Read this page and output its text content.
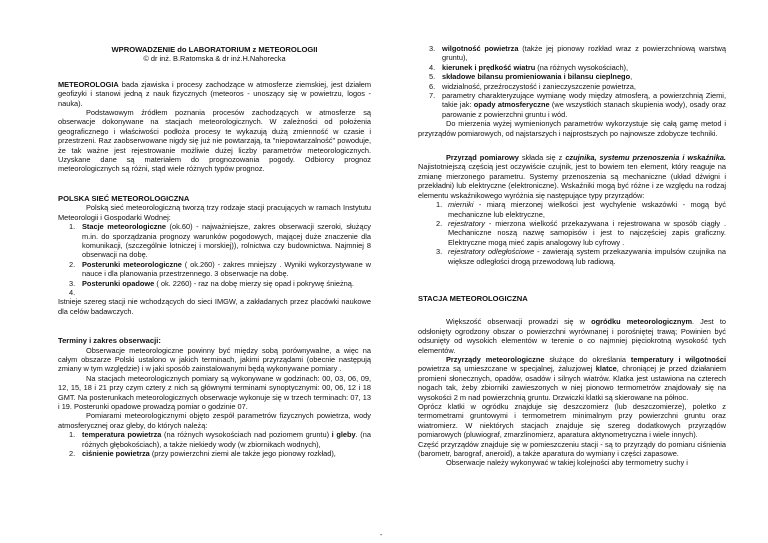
WPROWADZENIE do LABORATORIUM z METEOROLOGII

© dr inż. B.Ratomska & dr inż.H.Nahorecka

METEOROLOGIA bada zjawiska i procesy zachodzące w atmosferze ziemskiej, jest działem geofizyki i stanowi jedną z nauk fizycznych (meteoros - unoszący się w powietrzu, logos - nauka).

Podstawowym źródłem poznania procesów zachodzących w atmosferze są obserwacje dokonywane na stacjach meteorologicznych. W zależności od położenia geograficznego i właściwości podłoża procesy te wykazują dużą zmienność w czasie i przestrzeni. Raz zaobserwowane nigdy się już nie powtarzają, ta "niepowtarzalność" powoduje, że tak ważne jest rejestrowanie możliwie dużej liczby parametrów meteorologicznych. Uzyskane dane są materiałem do prognozowania pogody. Odbiorcy prognoz meteorologicznych są różni, stąd wiele różnych typów prognoz.

POLSKA SIEĆ METEOROLOGICZNA

Polską sieć meteorologiczną tworzą trzy rodzaje stacji pracujących w ramach Instytutu Meteorologii i Gospodarki Wodnej:

1. Stacje meteorologiczne (ok.60) - najważniejsze, zakres obserwacji szeroki, służący m.in. do sporządzania prognozy warunków pogodowych, mającej duże znaczenie dla komunikacji, (szczególnie lotniczej i morskiej)), rolnictwa czy budownictwa. Najmniej 8 obserwacji na dobę.
2. Posterunki meteorologiczne ( ok.260) - zakres mniejszy . Wyniki wykorzystywane w nauce i dla planowania przestrzennego. 3 obserwacje na dobę.
3. Posterunki opadowe ( ok. 2260) - raz na dobę mierzy się opad i pokrywę śnieżną.
4.

Istnieje szereg stacji nie wchodzących do sieci IMGW, a zakładanych przez placówki naukowe dla celów badawczych.

Terminy i zakres obserwacji:

Obserwacje meteorologiczne powinny być między sobą porównywalne, a więc na całym obszarze Polski ustalono w jakich terminach, jakimi przyrządami (obecnie następują zmiany w tym względzie) i w jaki sposób zainstalowanymi będą wykonywane pomiary .

Na stacjach meteorologicznych pomiary są wykonywane w godzinach: 00, 03, 06, 09, 12, 15, 18 i 21 przy czym cztery z nich są głównymi terminami synoptycznymi: 00, 06, 12 i 18 GMT. Na posterunkach meteorologicznych obserwacje wykonuje się w trzech terminach: 07, 13 i 19. Posterunki opadowe prowadzą pomiar o godzinie 07.

Pomiarami meteorologicznymi objęto zespół parametrów fizycznych powietrza, wody atmosferycznej oraz gleby, do których należą:

1. temperatura powietrza (na różnych wysokościach nad poziomem gruntu) i gleby. (na różnych głębokościach), a także niekiedy wody (w zbiornikach wodnych),
2. ciśnienie powietrza (przy powierzchni ziemi ale także jego pionowy rozkład),
3. wilgotność powietrza (także jej pionowy rozkład wraz z powierzchniową warstwą gruntu),
4. kierunek i prędkość wiatru (na różnych wysokościach),
5. składowe bilansu promieniowania i bilansu cieplnego,
6. widzialność, przeźroczystość i zanieczyszczenie powietrza,
7. parametry charakteryzujące wymianę wody między atmosferą, a powierzchnią Ziemi, takie jak: opady atmosferyczne (we wszystkich stanach skupienia wody), osady oraz parowanie z powierzchni gruntu i wód.

Do mierzenia wyżej wymienionych parametrów wykorzystuje się całą gamę metod i przyrządów pomiarowych, od najstarszych i najprostszych po najnowsze zdobycze techniki.

Przyrząd pomiarowy składa się z czujnika, systemu przenoszenia i wskaźnika. Najistotniejszą częścią jest oczywiście czujnik, jest to bowiem ten element, który reaguje na zmianę mierzonego parametru. Systemy przenoszenia są mechaniczne (układ dźwigni i przekładni) lub elektryczne (elektroniczne). Wskaźniki mogą być różne i ze względu na rodzaj elementu wskaźnikowego wyróżnia się następujące typy przyrządów:

1. mierniki - miarą mierzonej wielkości jest wychylenie wskazówki - mogą być mechaniczne lub elektryczne,
2. rejestratory - mierzona wielkość przekazywana i rejestrowana w sposób ciągły . Mechaniczne noszą nazwę samopisów i jest to najczęściej zapis graficzny. Elektryczne mogą mieć zapis analogowy lub cyfrowy .
3. rejestratory odległościowe - zawierają system przekazywania impulsów czujnika na większe odległości drogą przewodową lub radiową.
STACJA METEOROLOGICZNA

Większość obserwacji prowadzi się w ogródku meteorologicznym. Jest to odsłonięty ogrodzony obszar o powierzchni wyrównanej i porośniętej trawą; Powinien być odsunięty od wysokich elementów w terenie o co najmniej pięciokrotną wysokość tych elementów.

Przyrządy meteorologiczne służące do określania temperatury i wilgotności powietrza są umieszczane w specjalnej, żaluzjowej klatce, chroniącej je przed działaniem promieni słonecznych, opadów, osadów i silnych wiatrów. Klatka jest ustawiona na czterech nogach tak, żeby zbiorniki zawieszonych w niej pionowo termometrów znajdowały się na wysokości 2 m nad powierzchnią gruntu. Drzwiczki klatki są skierowane na północ.

Oprócz klatki w ogródku znajduje się deszczomierz (lub deszczomierze), poletko z termometrami gruntowymi i termometrem minimalnym przy powierzchni gruntu oraz wiatromierz. W niektórych stacjach znajduje się szereg dodatkowych przyrządów pomiarowych (pluwiograf, zmarzlinomierz, aparatura aktynometryczna i wiele innych).

Część przyrządów znajduje się w pomieszczeniu stacji - są to przyrządy do pomiaru ciśnienia (barometr, barograf, aneroid), a także aparatura do wymiany i części zapasowe.

Obserwacje należy wykonywać w takiej kolejności aby termometry suchy i

-
